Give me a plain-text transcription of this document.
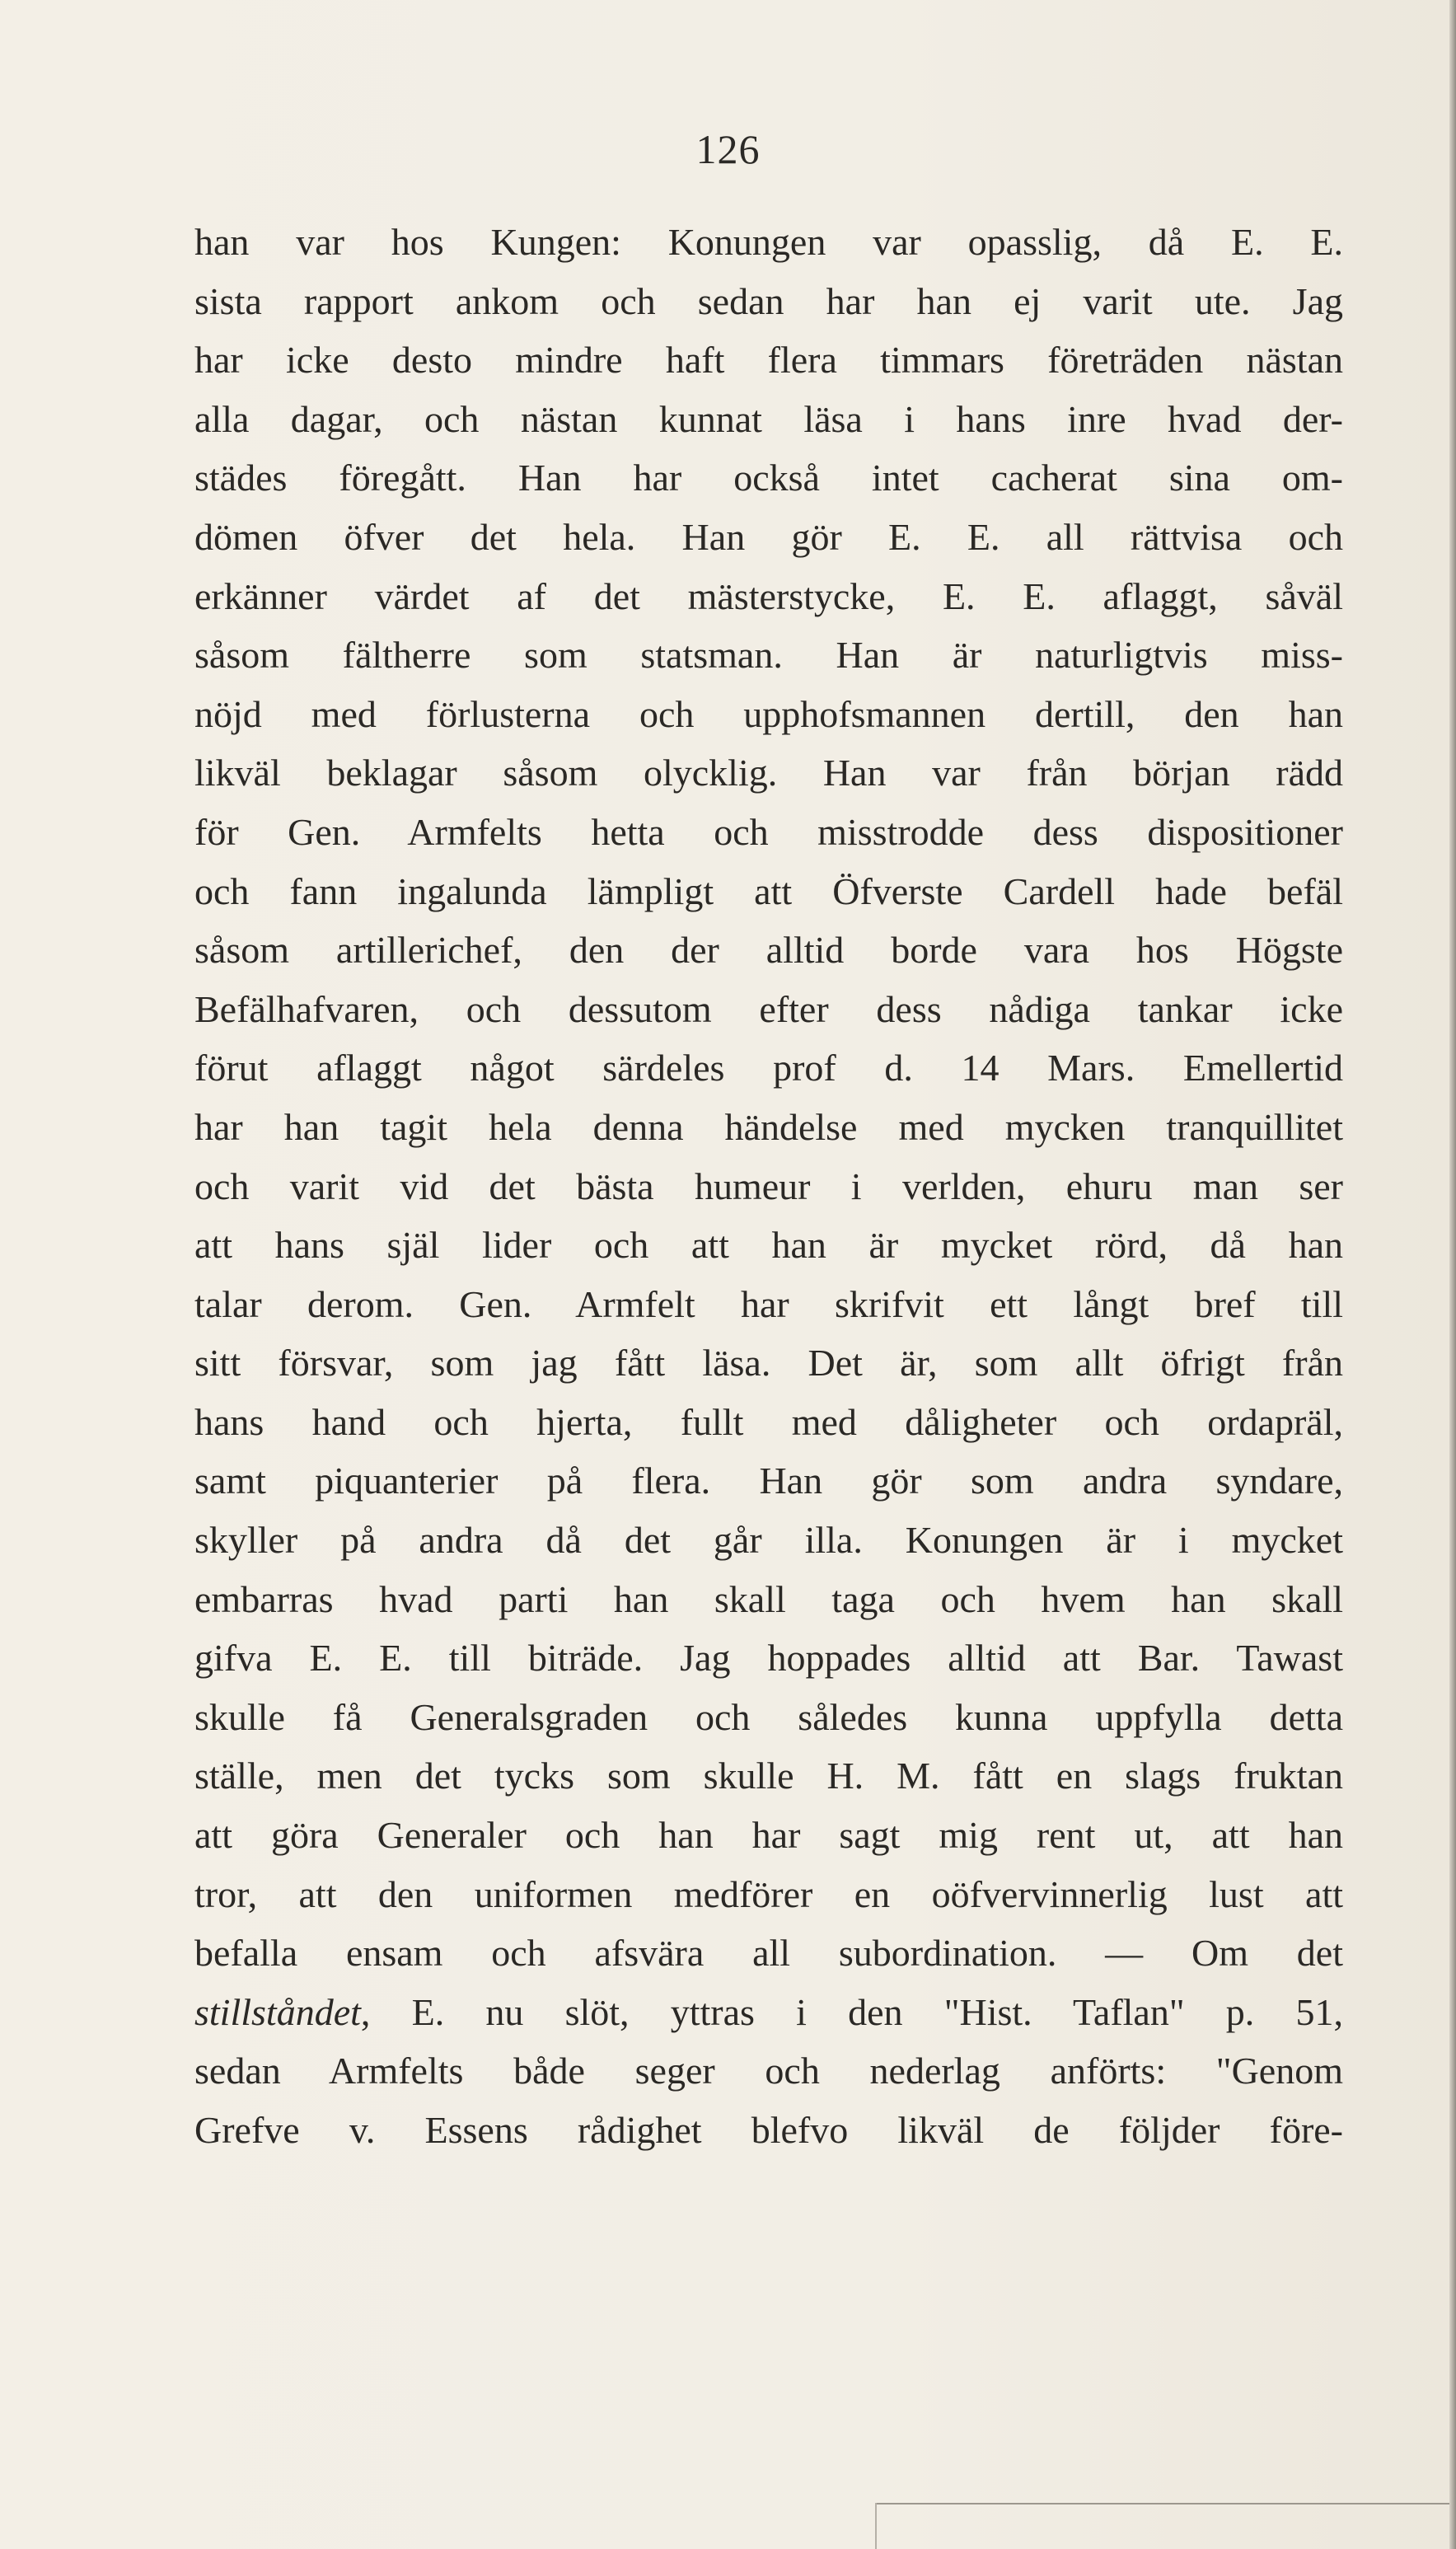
126
han var hos Kungen: Konungen var opasslig, då E. E.
sista rapport ankom och sedan har han ej varit ute. Jag
har icke desto mindre haft flera timmars företräden nästan
alla dagar, och nästan kunnat läsa i hans inre hvad der-
städes föregått. Han har också intet cacherat sina om-
dömen öfver det hela. Han gör E. E. all rättvisa och
erkänner värdet af det mästerstycke, E. E. aflaggt, såväl
såsom fältherre som statsman. Han är naturligtvis miss-
nöjd med förlusterna och upphofsmannen dertill, den han
likväl beklagar såsom olycklig. Han var från början rädd
för Gen. Armfelts hetta och misstrodde dess dispositioner
och fann ingalunda lämpligt att Öfverste Cardell hade befäl
såsom artillerichef, den der alltid borde vara hos Högste
Befälhafvaren, och dessutom efter dess nådiga tankar icke
förut aflaggt något särdeles prof d. 14 Mars. Emellertid
har han tagit hela denna händelse med mycken tranquillitet
och varit vid det bästa humeur i verlden, ehuru man ser
att hans själ lider och att han är mycket rörd, då han
talar derom. Gen. Armfelt har skrifvit ett långt bref till
sitt försvar, som jag fått läsa. Det är, som allt öfrigt från
hans hand och hjerta, fullt med dåligheter och ordapräl,
samt piquanterier på flera. Han gör som andra syndare,
skyller på andra då det går illa. Konungen är i mycket
embarras hvad parti han skall taga och hvem han skall
gifva E. E. till biträde. Jag hoppades alltid att Bar. Tawast
skulle få Generalsgraden och således kunna uppfylla detta
ställe, men det tycks som skulle H. M. fått en slags fruktan
att göra Generaler och han har sagt mig rent ut, att han
tror, att den uniformen medförer en oöfvervinnerlig lust att
befalla ensam och afsvära all subordination. — Om det
stillståndet, E. nu slöt, yttras i den "Hist. Taflan" p. 51,
sedan Armfelts både seger och nederlag anförts: "Genom
Grefve v. Essens rådighet blefvo likväl de följder före-
